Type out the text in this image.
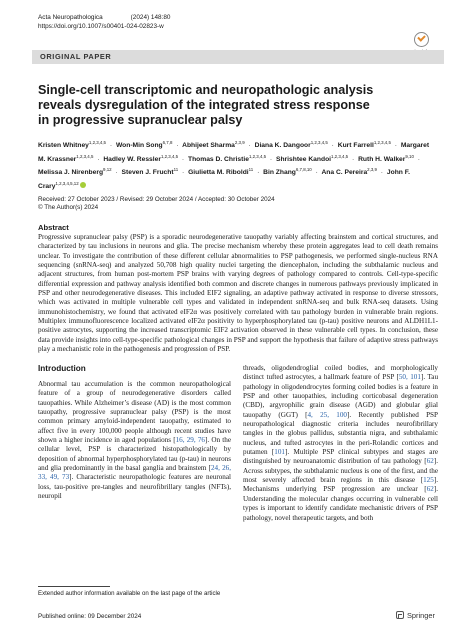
Acta Neuropathologica	(2024) 148:80
https://doi.org/10.1007/s00401-024-02823-w
ORIGINAL PAPER
Single-cell transcriptomic and neuropathologic analysis reveals dysregulation of the integrated stress response in progressive supranuclear palsy
Kristen Whitney$^{1,2,3,4,5}$ · Won-Min Song$^{6,7,8}$ · Abhijeet Sharma$^{2,3,9}$ · Diana K. Dangoor$^{1,2,3,4,5}$ · Kurt Farrell$^{1,2,3,4,5}$ · Margaret M. Krassner$^{1,2,3,4,5}$ · Hadley W. Ressler$^{1,2,3,4,5}$ · Thomas D. Christie$^{1,2,3,4,5}$ · Shrishtee Kandoi$^{1,2,3,4,5}$ · Ruth H. Walker$^{9,10}$ · Melissa J. Nirenberg$^{9,12}$ · Steven J. Frucht$^{11}$ · Giulietta M. Riboldi$^{11}$ · Bin Zhang$^{6,7,8,10}$ · Ana C. Pereira$^{2,3,9}$ · John F. Crary$^{1,2,3,4,5,12}$
Received: 27 October 2023 / Revised: 29 October 2024 / Accepted: 30 October 2024
© The Author(s) 2024
Abstract

Progressive supranuclear palsy (PSP) is a sporadic neurodegenerative tauopathy variably affecting brainstem and cortical structures, and characterized by tau inclusions in neurons and glia. The precise mechanism whereby these protein aggregates lead to cell death remains unclear. To investigate the contribution of these different cellular abnormalities to PSP pathogenesis, we performed single-nucleus RNA sequencing (snRNA-seq) and analyzed 50,708 high quality nuclei targeting the diencephalon, including the subthalamic nucleus and adjacent structures, from human post-mortem PSP brains with varying degrees of pathology compared to controls. Cell-type-specific differential expression and pathway analysis identified both common and discrete changes in numerous pathways previously implicated in PSP and other neurodegenerative diseases. This included EIF2 signaling, an adaptive pathway activated in response to diverse stressors, which was activated in multiple vulnerable cell types and validated in independent snRNA-seq and bulk RNA-seq datasets. Using immunohistochemistry, we found that activated eIF2α was positively correlated with tau pathology burden in vulnerable brain regions. Multiplex immunofluorescence localized activated eIF2α positivity to hyperphosphorylated tau (p-tau) positive neurons and ALDH1L1-positive astrocytes, supporting the increased transcriptomic EIF2 activation observed in these vulnerable cell types. In conclusion, these data provide insights into cell-type-specific pathological changes in PSP and support the hypothesis that failure of adaptive stress pathways play a mechanistic role in the pathogenesis and progression of PSP.

Introduction

Abnormal tau accumulation is the common neuropathological feature of a group of neurodegenerative disorders called tauopathies. While Alzheimer’s disease (AD) is the most common tauopathy, progressive supranuclear palsy (PSP) is the most common primary amyloid-independent tauopathy, estimated to affect five in every 100,000 people although recent studies have shown a higher incidence in aged populations [16, 29, 76]. On the cellular level, PSP is characterized histopathologically by deposition of abnormal hyperphosphorylated tau (p-tau) in neurons and glia predominantly in the basal ganglia and brainstem [24, 26, 33, 49, 73]. Characteristic neuropathologic features are neuronal loss, tau-positive pre-tangles and neurofibrillary tangles (NFTs), neuropil

threads, oligodendroglial coiled bodies, and morphologically distinct tufted astrocytes, a hallmark feature of PSP [50, 101]. Tau pathology in oligodendrocytes forming coiled bodies is a feature in PSP and other tauopathies, including corticobasal degeneration (CBD), argyrophilic grain disease (AGD) and globular glial tauopathy (GGT) [4, 25, 100]. Recently published PSP neuropathological diagnostic criteria includes neurofibrillary tangles in the globus pallidus, substantia nigra, and subthalamic nucleus, and tufted astrocytes in the peri-Rolandic cortices and putamen [101]. Multiple PSP clinical subtypes and stages are distinguished by neuroanatomic distribution of tau pathology [62]. Across subtypes, the subthalamic nucleus is one of the first, and the most severely affected brain regions in this disease [125]. Mechanisms underlying PSP progression are unclear [62]. Understanding the molecular changes occurring in vulnerable cell types is important to identify candidate mechanistic drivers of PSP pathology, novel therapeutic targets, and both

Extended author information available on the last page of the article
Published online: 09 December 2024	Springer
